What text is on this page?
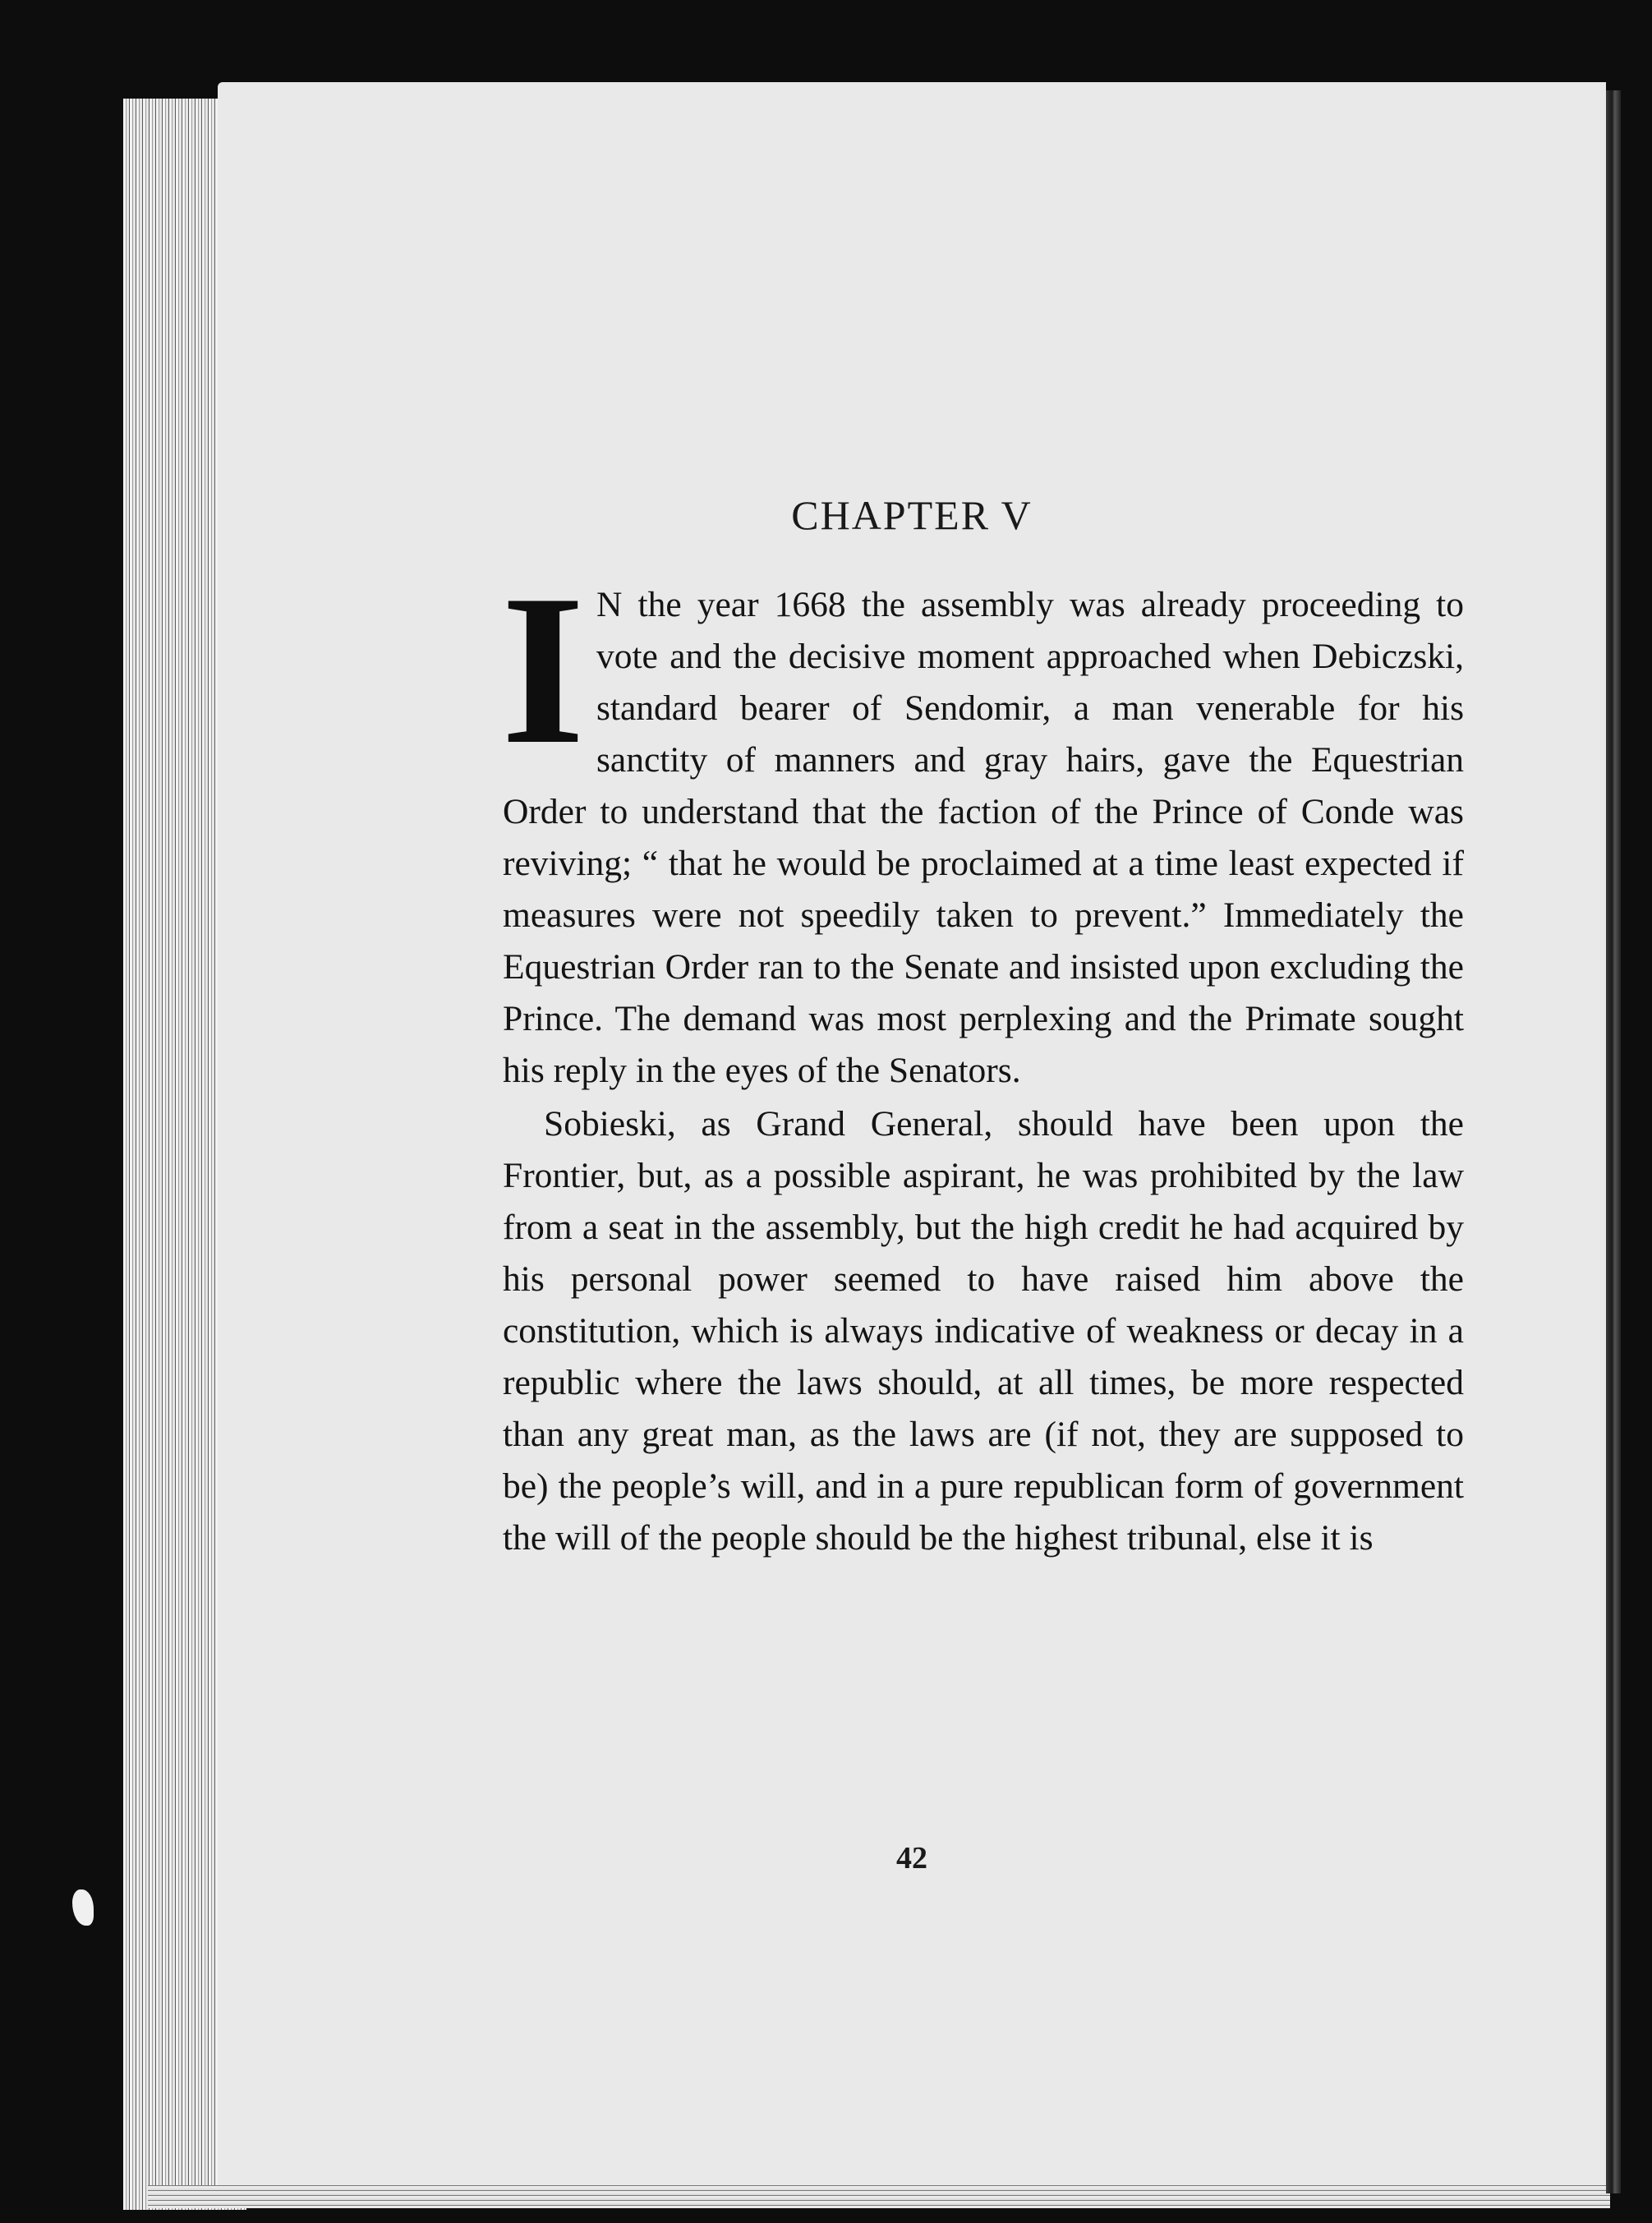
CHAPTER V

I N the year 1668 the assembly was already proceeding to vote and the decisive moment approached when Debiczski, standard bearer of Sendomir, a man venerable for his sanctity of manners and gray hairs, gave the Equestrian Order to understand that the faction of the Prince of Conde was reviving; “ that he would be proclaimed at a time least expected if measures were not speedily taken to prevent.” Immediately the Equestrian Order ran to the Senate and insisted upon excluding the Prince. The demand was most perplexing and the Primate sought his reply in the eyes of the Senators.

Sobieski, as Grand General, should have been upon the Frontier, but, as a possible aspirant, he was prohibited by the law from a seat in the assembly, but the high credit he had acquired by his personal power seemed to have raised him above the constitution, which is always indicative of weakness or decay in a republic where the laws should, at all times, be more respected than any great man, as the laws are (if not, they are supposed to be) the people’s will, and in a pure republican form of government the will of the people should be the highest tribunal, else it is

42
